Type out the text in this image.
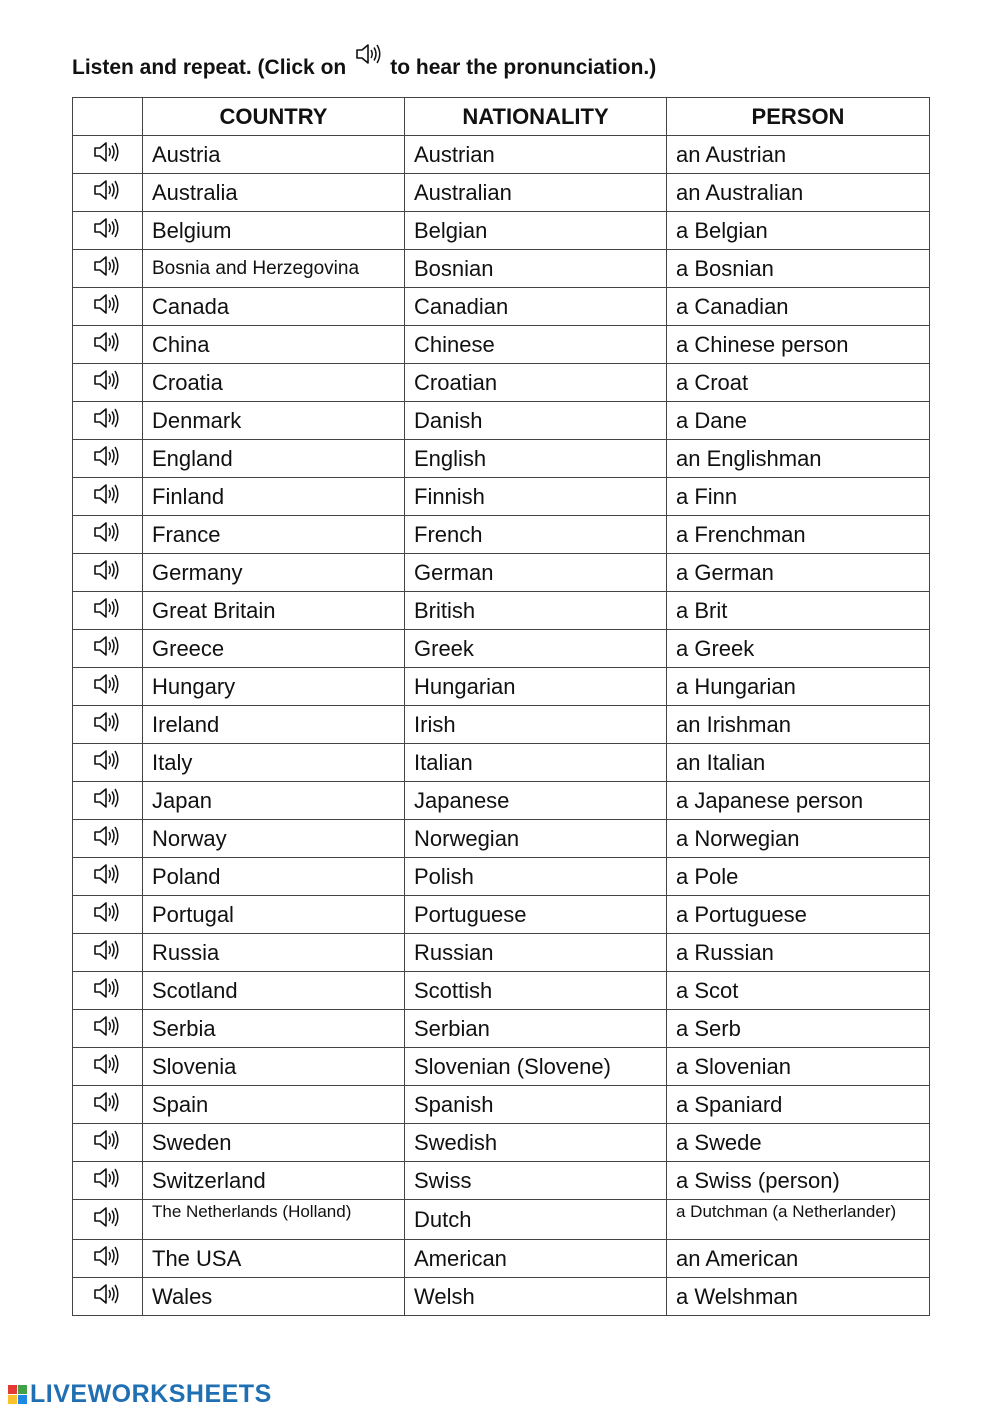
Listen and repeat. (Click on to hear the pronunciation.)
	COUNTRY	NATIONALITY	PERSON
	Austria	Austrian	an Austrian
	Australia	Australian	an Australian
	Belgium	Belgian	a Belgian
	Bosnia and Herzegovina	Bosnian	a Bosnian
	Canada	Canadian	a Canadian
	China	Chinese	a Chinese person
	Croatia	Croatian	a Croat
	Denmark	Danish	a Dane
	England	English	an Englishman
	Finland	Finnish	a Finn
	France	French	a Frenchman
	Germany	German	a German
	Great Britain	British	a Brit
	Greece	Greek	a Greek
	Hungary	Hungarian	a Hungarian
	Ireland	Irish	an Irishman
	Italy	Italian	an Italian
	Japan	Japanese	a Japanese person
	Norway	Norwegian	a Norwegian
	Poland	Polish	a Pole
	Portugal	Portuguese	a Portuguese
	Russia	Russian	a Russian
	Scotland	Scottish	a Scot
	Serbia	Serbian	a Serb
	Slovenia	Slovenian (Slovene)	a Slovenian
	Spain	Spanish	a Spaniard
	Sweden	Swedish	a Swede
	Switzerland	Swiss	a Swiss (person)
	The Netherlands (Holland)	Dutch	a Dutchman (a Netherlander)
	The USA	American	an American
	Wales	Welsh	a Welshman
LIVEWORKSHEETS
